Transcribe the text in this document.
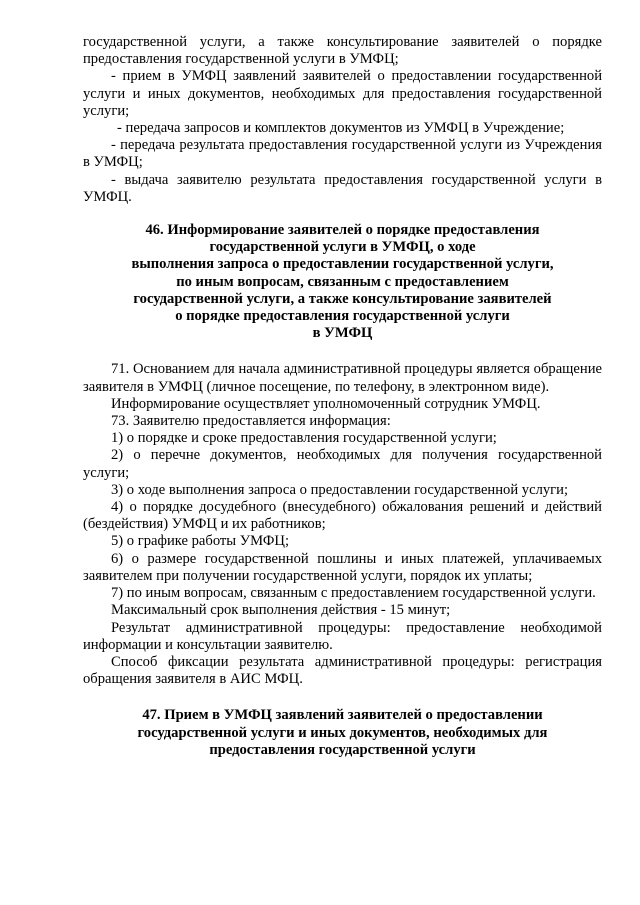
государственной услуги, а также консультирование заявителей о порядке предоставления государственной услуги в УМФЦ;

- прием в УМФЦ заявлений заявителей о предоставлении государственной услуги и иных документов, необходимых для предоставления государственной услуги;

- передача запросов и комплектов документов из УМФЦ в Учреждение;

- передача результата предоставления государственной услуги из Учреждения в УМФЦ;

- выдача заявителю результата предоставления государственной услуги в УМФЦ.

46. Информирование заявителей о порядке предоставления

государственной услуги в УМФЦ, о ходе

выполнения запроса о предоставлении государственной услуги,

по иным вопросам, связанным с предоставлением

государственной услуги, а также консультирование заявителей

о порядке предоставления государственной услуги

в УМФЦ

71. Основанием для начала административной процедуры является обращение заявителя в УМФЦ (личное посещение, по телефону, в электронном виде).

Информирование осуществляет уполномоченный сотрудник УМФЦ.

73. Заявителю предоставляется информация:

1) о порядке и сроке предоставления государственной услуги;

2) о перечне документов, необходимых для получения государственной услуги;

3) о ходе выполнения запроса о предоставлении государственной услуги;

4) о порядке досудебного (внесудебного) обжалования решений и действий (бездействия) УМФЦ и их работников;

5) о графике работы УМФЦ;

6) о размере государственной пошлины и иных платежей, уплачиваемых заявителем при получении государственной услуги, порядок их уплаты;

7) по иным вопросам, связанным с предоставлением государственной услуги.

Максимальный срок выполнения действия - 15 минут;

Результат административной процедуры: предоставление необходимой информации и консультации заявителю.

Способ фиксации результата административной процедуры: регистрация обращения заявителя в АИС МФЦ.

47. Прием в УМФЦ заявлений заявителей о предоставлении

государственной услуги и иных документов, необходимых для

предоставления государственной услуги
